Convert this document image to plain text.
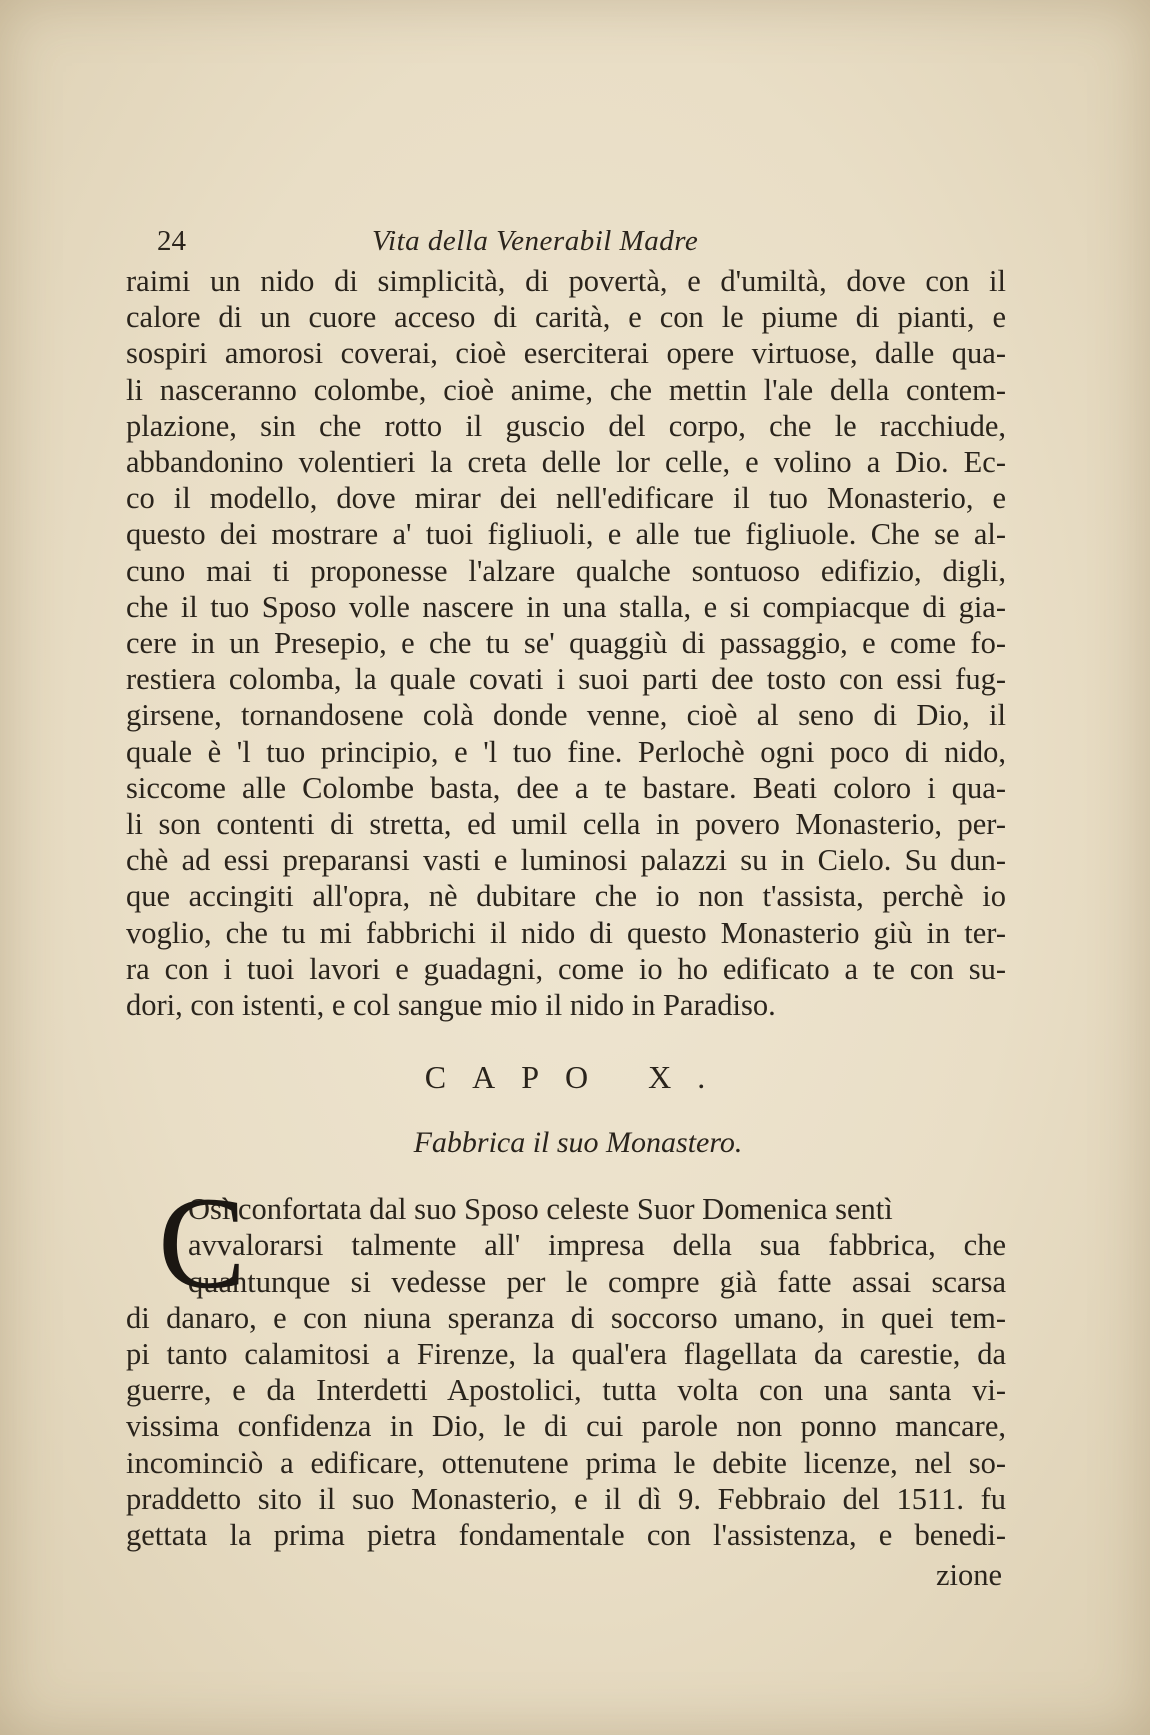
24	Vita della Venerabil Madre
raimi un nido di simplicità, di povertà, e d'umiltà, dove con il
calore di un cuore acceso di carità, e con le piume di pianti, e
sospiri amorosi coverai, cioè eserciterai opere virtuose, dalle qua-
li nasceranno colombe, cioè anime, che mettin l'ale della contem-
plazione, sin che rotto il guscio del corpo, che le racchiude,
abbandonino volentieri la creta delle lor celle, e volino a Dio. Ec-
co il modello, dove mirar dei nell'edificare il tuo Monasterio, e
questo dei mostrare a' tuoi figliuoli, e alle tue figliuole. Che se al-
cuno mai ti proponesse l'alzare qualche sontuoso edifizio, digli,
che il tuo Sposo volle nascere in una stalla, e si compiacque di gia-
cere in un Presepio, e che tu se' quaggiù di passaggio, e come fo-
restiera colomba, la quale covati i suoi parti dee tosto con essi fug-
girsene, tornandosene colà donde venne, cioè al seno di Dio, il
quale è 'l tuo principio, e 'l tuo fine. Perlochè ogni poco di nido,
siccome alle Colombe basta, dee a te bastare. Beati coloro i qua-
li son contenti di stretta, ed umil cella in povero Monasterio, per-
chè ad essi preparansi vasti e luminosi palazzi su in Cielo. Su dun-
que accingiti all'opra, nè dubitare che io non t'assista, perchè io
voglio, che tu mi fabbrichi il nido di questo Monasterio giù in ter-
ra con i tuoi lavori e guadagni, come io ho edificato a te con su-
dori, con istenti, e col sangue mio il nido in Paradiso.
CAPO X.
Fabbrica il suo Monastero.
C
Osì confortata dal suo Sposo celeste Suor Domenica sentì
avvalorarsi talmente all' impresa della sua fabbrica, che
quantunque si vedesse per le compre già fatte assai scarsa
di danaro, e con niuna speranza di soccorso umano, in quei tem-
pi tanto calamitosi a Firenze, la qual'era flagellata da carestie, da
guerre, e da Interdetti Apostolici, tutta volta con una santa vi-
vissima confidenza in Dio, le di cui parole non ponno mancare,
incominciò a edificare, ottenutene prima le debite licenze, nel so-
praddetto sito il suo Monasterio, e il dì 9. Febbraio del 1511. fu
gettata la prima pietra fondamentale con l'assistenza, e benedi-
zione
